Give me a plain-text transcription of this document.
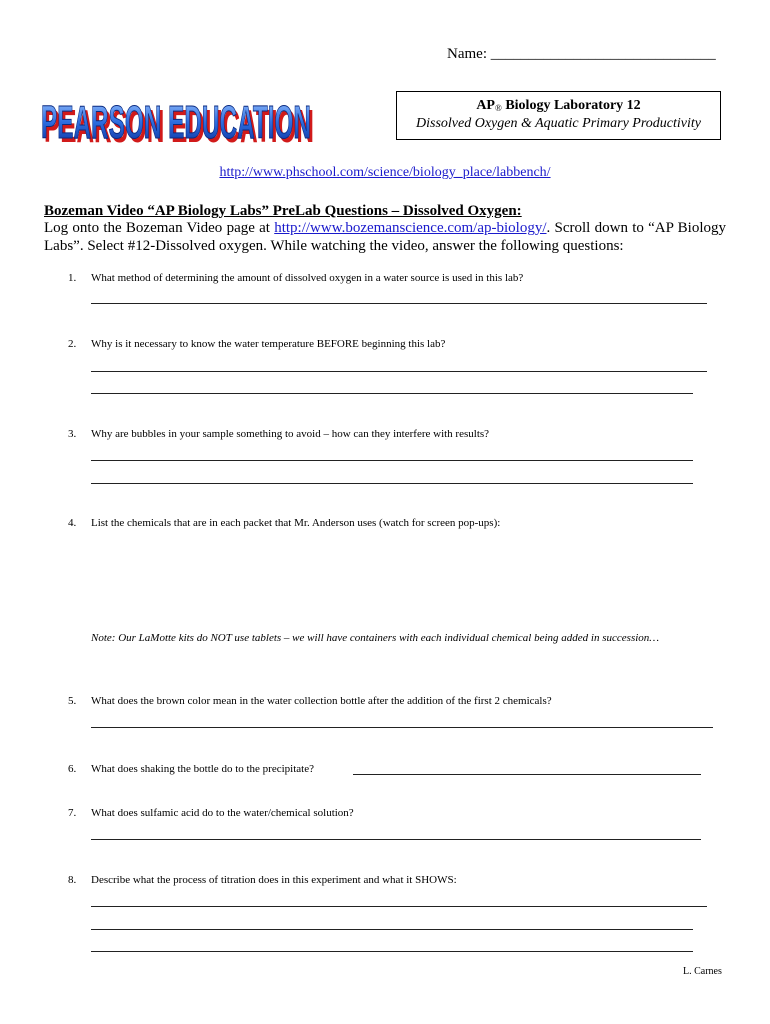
Name: ______________________________
PEARSON EDUCATION
PEARSON EDUCATION	$AP_®$ Biology Laboratory 12
Dissolved Oxygen & Aquatic Primary Productivity
http://www.phschool.com/science/biology_place/labbench/
Bozeman Video “AP Biology Labs” PreLab Questions – Dissolved Oxygen:
Log onto the Bozeman Video page at http://www.bozemanscience.com/ap-biology/. Scroll down to “AP Biology Labs”. Select #12-Dissolved oxygen. While watching the video, answer the following questions:
1. What method of determining the amount of dissolved oxygen in a water source is used in this lab?
2. Why is it necessary to know the water temperature BEFORE beginning this lab?
3. Why are bubbles in your sample something to avoid – how can they interfere with results?
4. List the chemicals that are in each packet that Mr. Anderson uses (watch for screen pop-ups):
Note: Our LaMotte kits do NOT use tablets – we will have containers with each individual chemical being added in succession…
5. What does the brown color mean in the water collection bottle after the addition of the first 2 chemicals?
6. What does shaking the bottle do to the precipitate?
7. What does sulfamic acid do to the water/chemical solution?
8. Describe what the process of titration does in this experiment and what it SHOWS:
L. Carnes
